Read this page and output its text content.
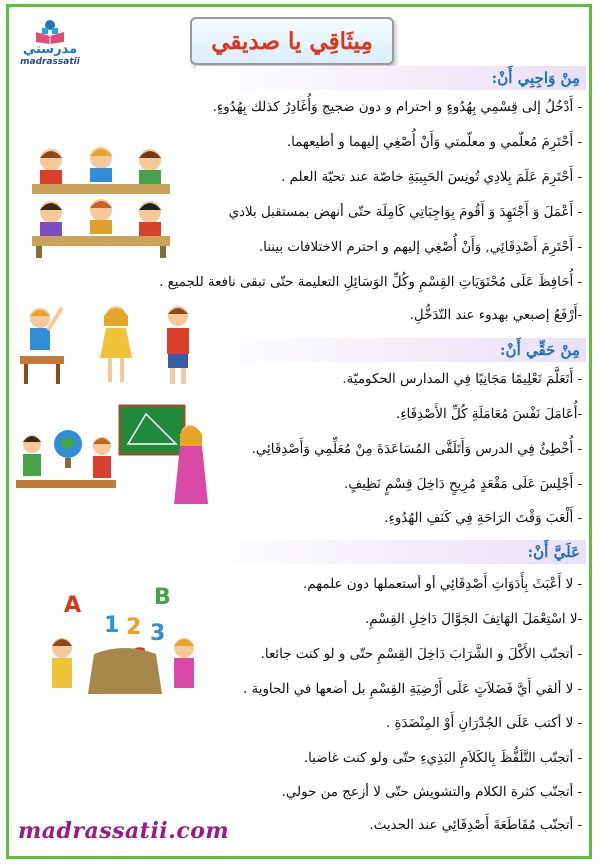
مدرستي
madrassatii
مِيثَاقِي يا صديقي
مِنْ وَاجِبِي أَنْ:
- أَدْخُلُ إلى قِسْمِي بِهُدُوءٍ و احترام و دون ضجيج وَأُغَادِرُ كذلك بِهُدُوءٍ.
- أَحْتَرِمَ مُعلّمي و معلّمتي وَأَنْ أُصْغِي إليهما و أطيعهما.
- أَحْتَرِمَ عَلَمَ بِلادِي تُونِسَ الحَبِيبَةِ خاصّة عند تحيّة العلم .
- أَعْمَلَ وَ أَجْتَهِدَ وَ أَقُومَ بِوَاجِبَاتِي كَامِلَة حتّى أنهض بمستقبل بلادي
- أَحْتَرِمَ أَصْدِقَائِي, وَأَنْ أُصْغِي إليهم و احترم الاختلافات بيننا.
- أُحَافِظَ عَلَى مُحْتَوَيَاتِ القِسْمِ وكُلِّ الوَسَائِلِ التعليمة حتّى تبقى نافعة للجميع .
-أَرْفَعُ إصبعي بهدوء عند التّدَخُّلِ.
مِنْ حَقِّي أَنْ:
- أَتَعَلَّمَ تَعْلِيمًا مَجَانِيًا فِي المدارس الحكوميّة.
-أُعَامَلَ نَفْسَ مُعَامَلَةِ كُلِّ الأَصْدِقَاءِ.
- أُخْطِئُ فِي الدرس وَأَتَلَقَّى المُسَاعَدَةَ مِنْ مُعَلِّمِي وَأَصْدِقَائِي.
- أَجْلِسَ عَلَى مَقْعَدٍ مُرِيحٍ دَاخِلَ قِسْمٍ نَظِيفٍ.
- أَلْعَبَ وَقْتَ الرَاحَةِ فِي كَنَفِ الهُدُوءِ.
عَلَيَّ أَنْ:
- لا أَعْبَثَ بِأَدَوَاتِ أَصْدِقَائِي أو أستعملها دون علمهم.
-لا اسْتِعْمَلَ الهَاتِفَ الجَوَّالَ دَاخِلِ القِسْمِ.
- أتجنّب الأَكْلَ و الشَّرَابَ دَاخِلَ القِسْمِ حتّى و لو كنت جائعا.
- لا ألقي أَيَّ فَضَلاَتٍ عَلَى أَرْضِيَةِ القِسْمِ بل أضعها في الحاوية .
- لا أكتب عَلَى الجُدْرَانِ أَوْ المِنْضَدَةِ .
- أتجنّب التَّلَفُّظَ بِالكَلاَمِ البَذِيءِ حتّى ولو كنت غاضبا.
- أتجنّب كثرة الكلام والتشويش حتّى لا أزعج من حولي.
- أتجنّب مُقَاطَعَةَ أَصْدِقَائِي عند الحديث.
A	B
1 2 3
madrassatii.com
